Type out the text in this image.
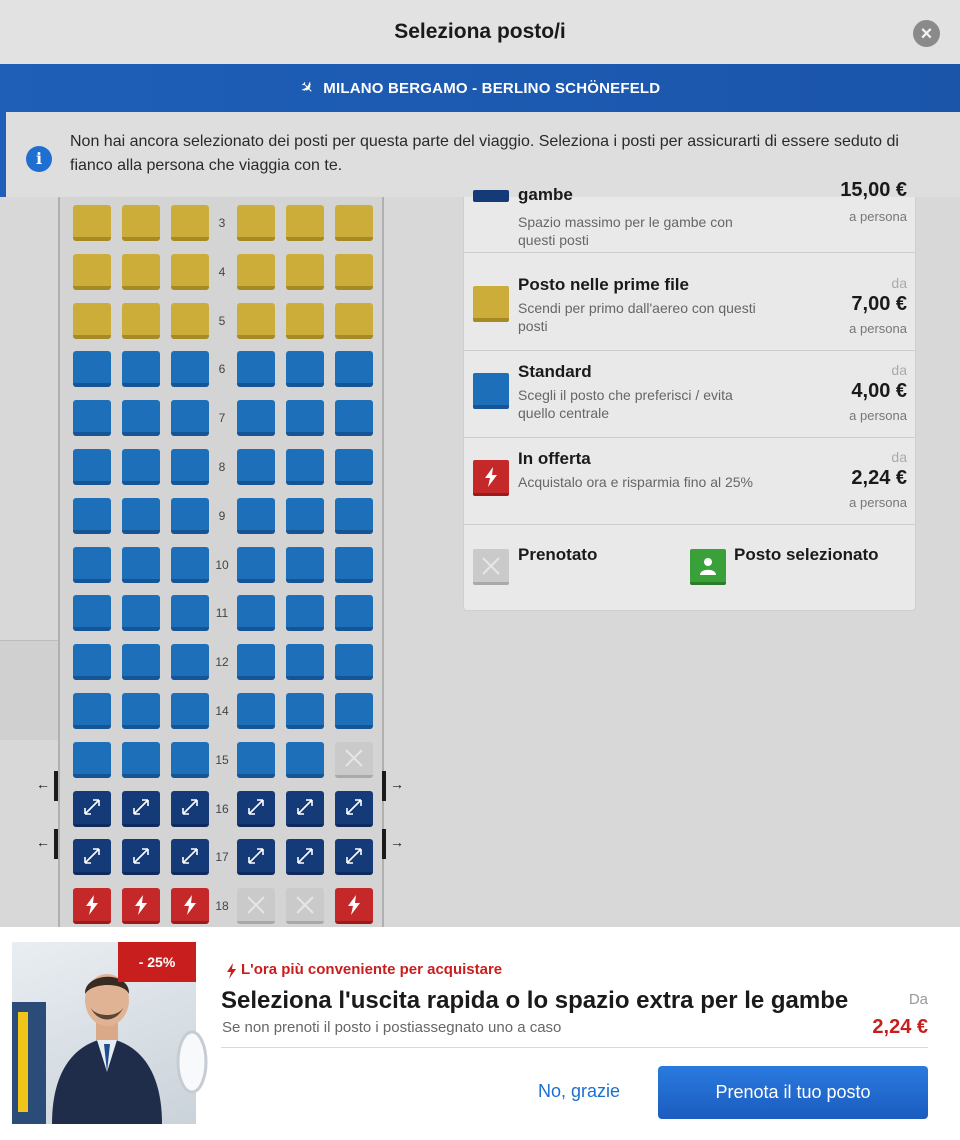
Seleziona posto/i	×
✈ MILANO BERGAMO - BERLINO SCHÖNEFELD
Non hai ancora selezionato dei posti per questa parte del viaggio. Seleziona i posti per assicurarti di essere seduto di fianco alla persona che viaggia con te.
i
3
4
5
6
7
8
9
10
11
12
14
15
16
17
18
←	→
←	→
gambe
Spazio massimo per le gambe con questi posti
15,00 €
a persona
Posto nelle prime file
Scendi per primo dall'aereo con questi posti
da
7,00 €
a persona
Standard
Scegli il posto che preferisci / evita quello centrale
da
4,00 €
a persona
In offerta
Acquistalo ora e risparmia fino al 25%
da
2,24 €
a persona
Prenotato	Posto selezionato
- 25%	L'ora più conveniente per acquistare
Seleziona l'uscita rapida o lo spazio extra per le gambe
Se non prenoti il posto i postiassegnato uno a caso
Da
2,24 €
No, grazie	Prenota il tuo posto
